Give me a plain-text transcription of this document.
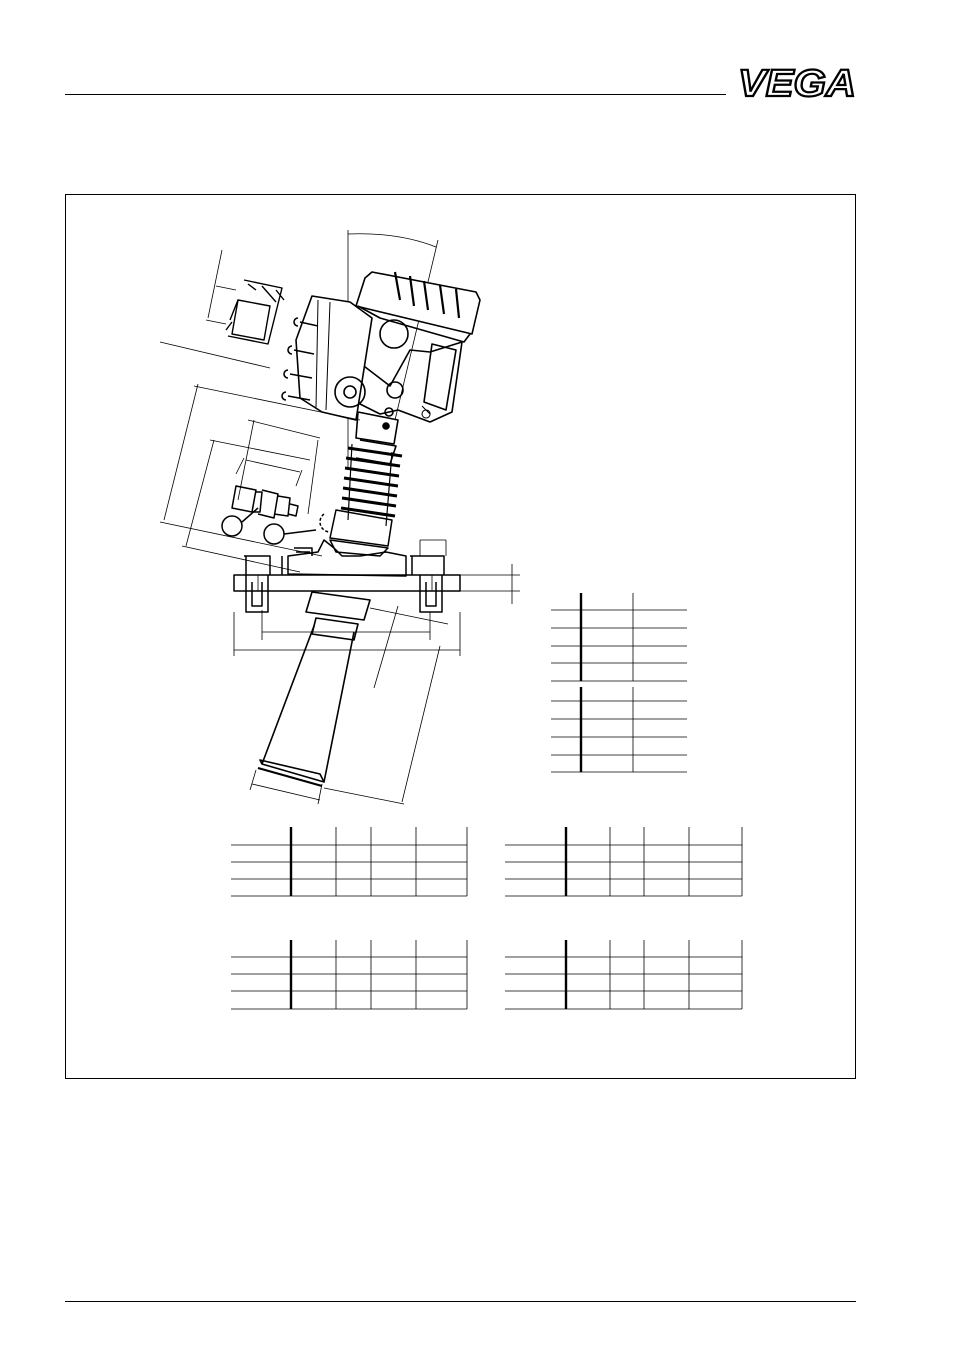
VEGA
